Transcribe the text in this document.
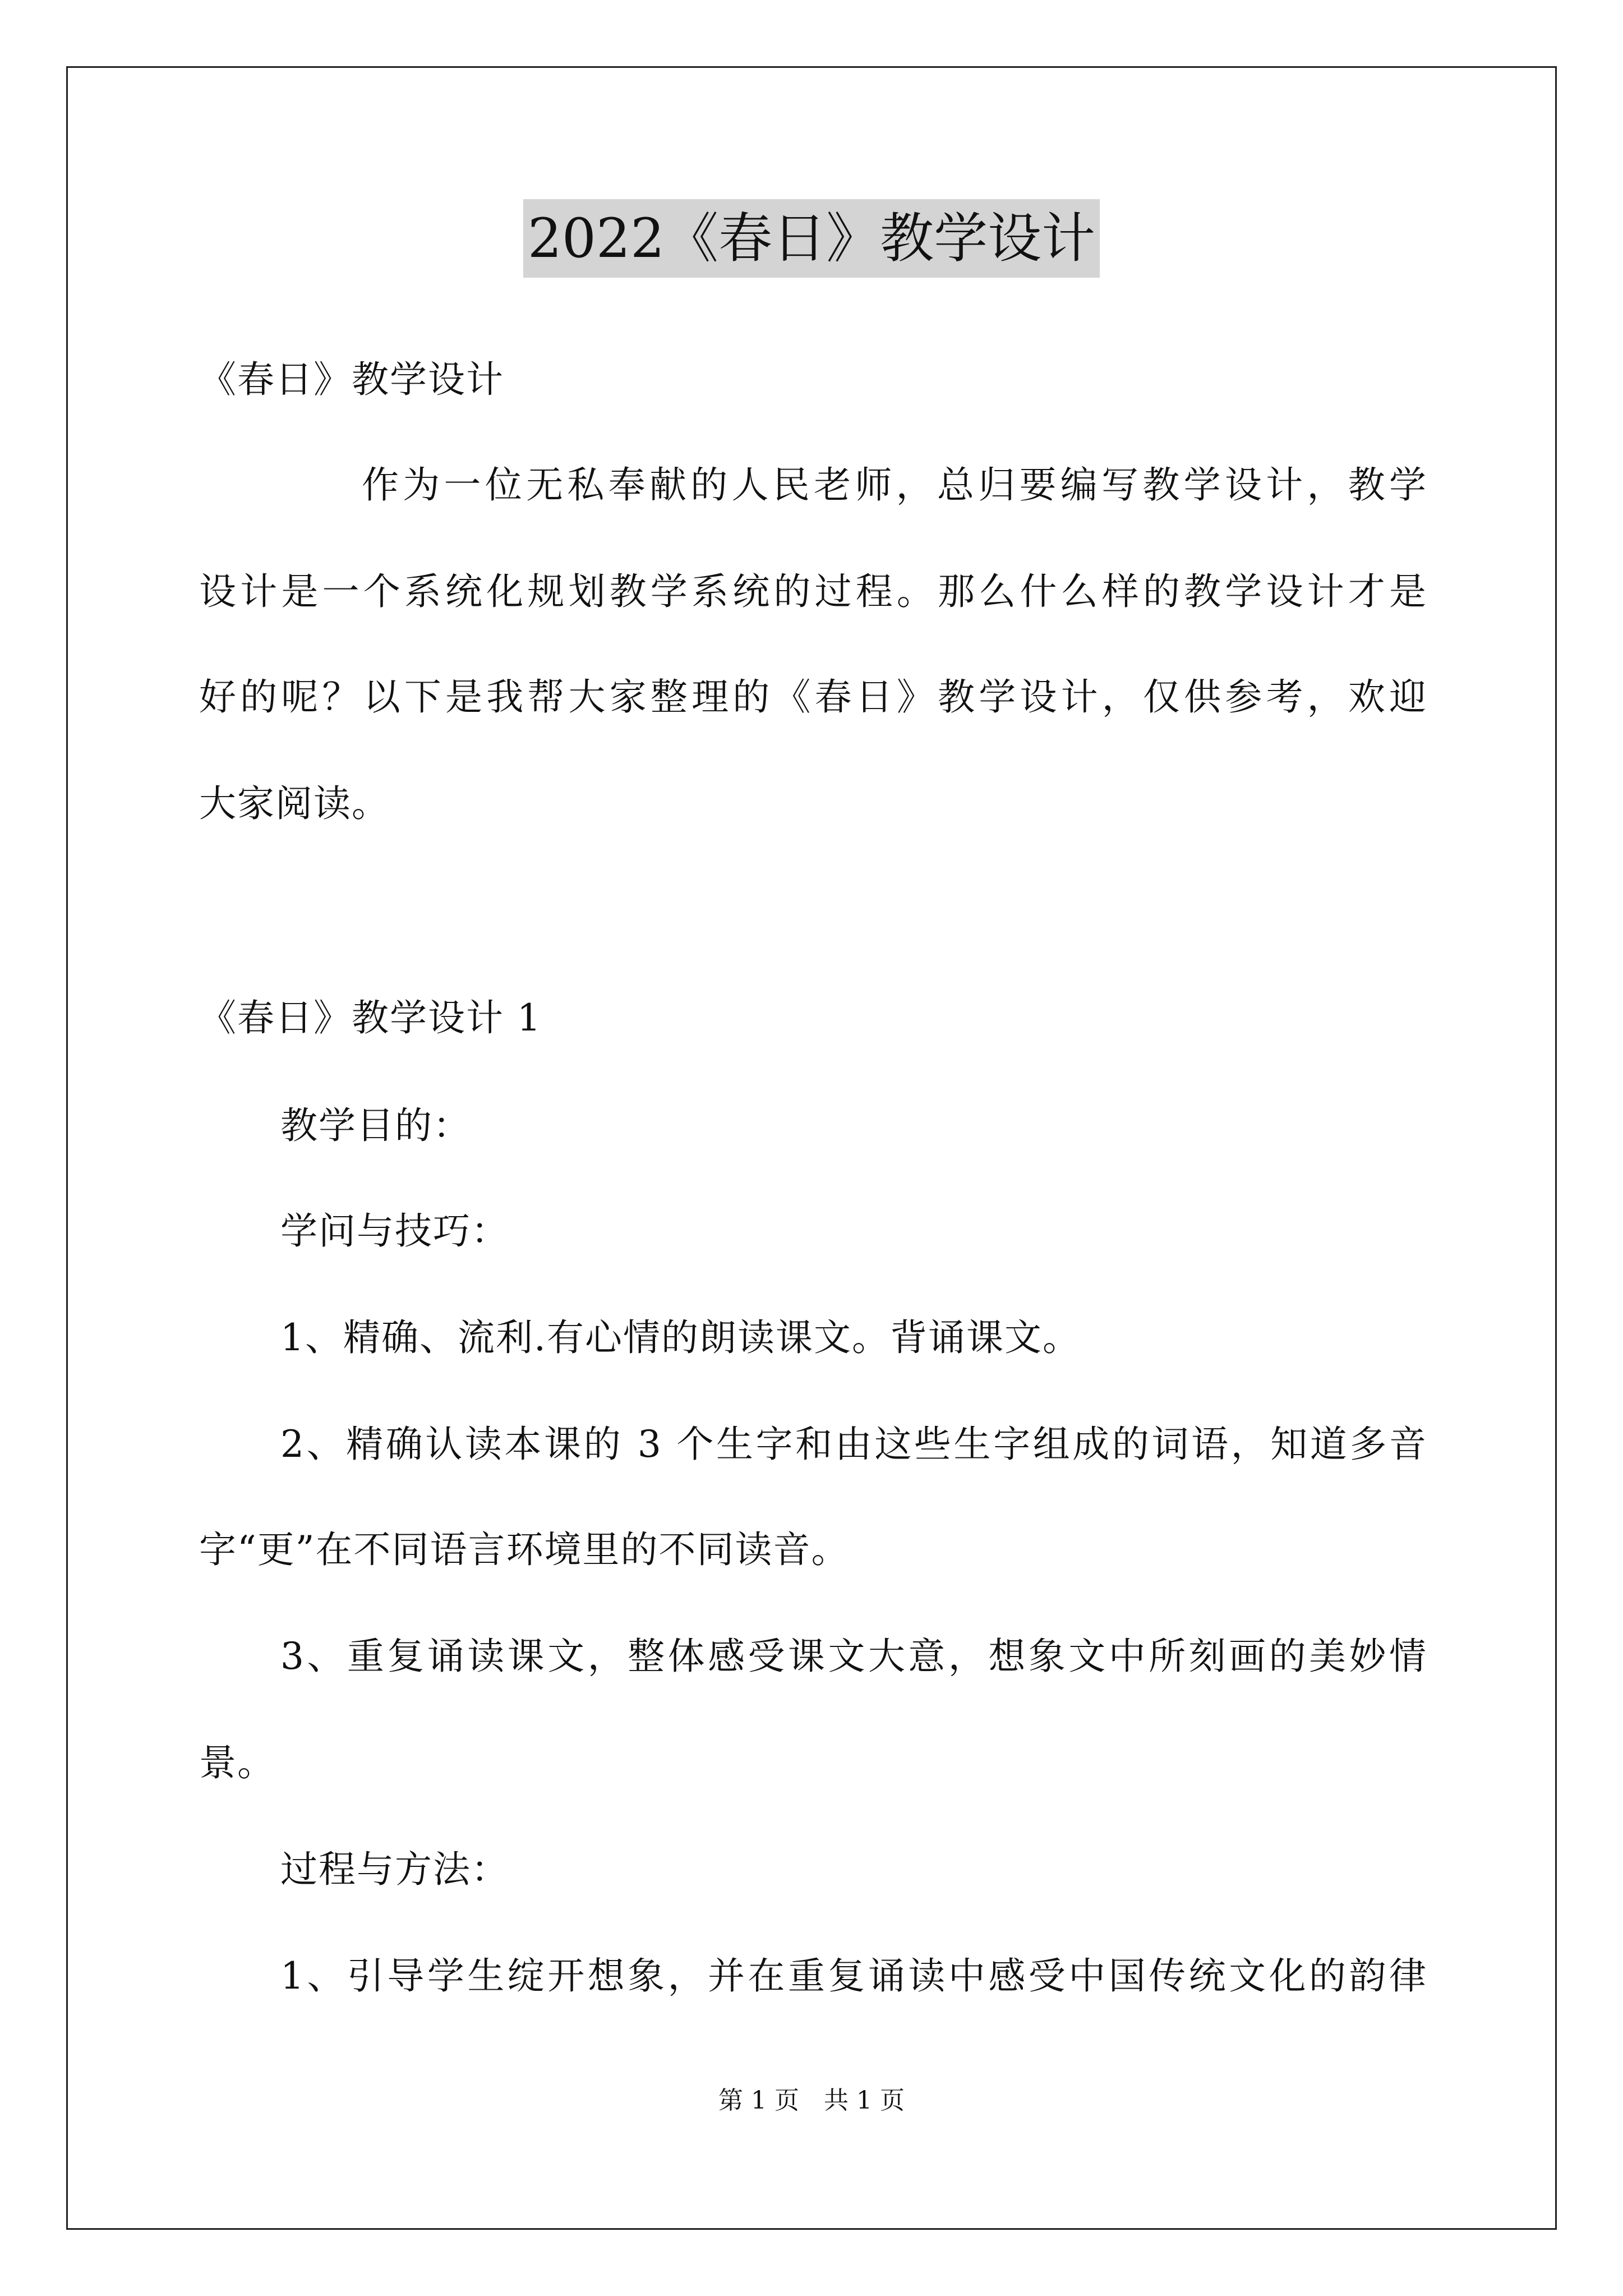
2022《春日》教学设计
《春日》教学设计
作为一位无私奉献的人民老师，总归要编写教学设计，教学
设计是一个系统化规划教学系统的过程。那么什么样的教学设计才是
好的呢？以下是我帮大家整理的《春日》教学设计，仅供参考，欢迎
大家阅读。
《春日》教学设计 1
教学目的：
学问与技巧：
1、精确、流利.有心情的朗读课文。背诵课文。
2、精确认读本课的 3 个生字和由这些生字组成的词语，知道多音
字“更”在不同语言环境里的不同读音。
3、重复诵读课文，整体感受课文大意，想象文中所刻画的美妙情
景。
过程与方法：
1、引导学生绽开想象，并在重复诵读中感受中国传统文化的韵律
第 1 页　共 1 页
